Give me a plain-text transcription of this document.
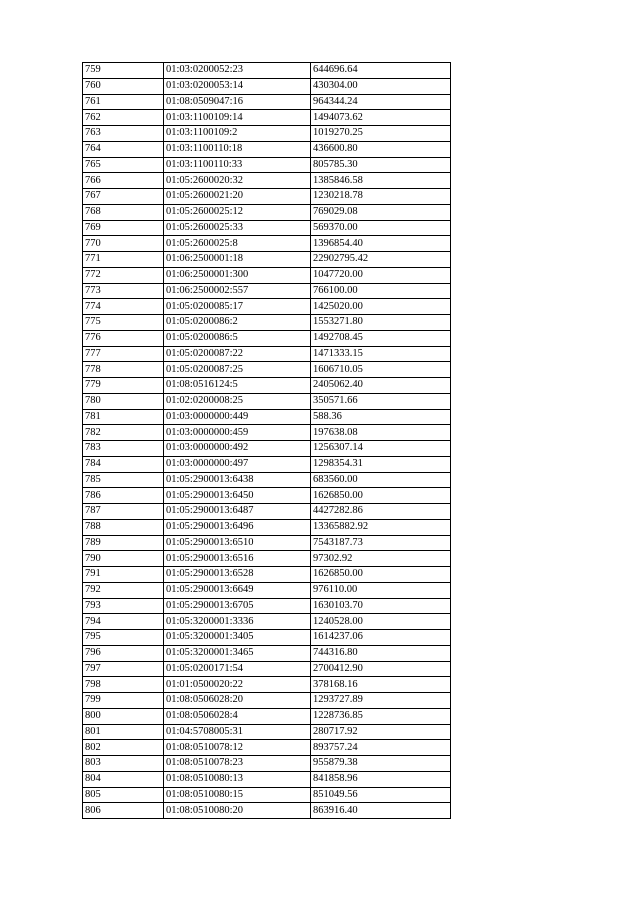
759	01:03:0200052:23	644696.64
760	01:03:0200053:14	430304.00
761	01:08:0509047:16	964344.24
762	01:03:1100109:14	1494073.62
763	01:03:1100109:2	1019270.25
764	01:03:1100110:18	436600.80
765	01:03:1100110:33	805785.30
766	01:05:2600020:32	1385846.58
767	01:05:2600021:20	1230218.78
768	01:05:2600025:12	769029.08
769	01:05:2600025:33	569370.00
770	01:05:2600025:8	1396854.40
771	01:06:2500001:18	22902795.42
772	01:06:2500001:300	1047720.00
773	01:06:2500002:557	766100.00
774	01:05:0200085:17	1425020.00
775	01:05:0200086:2	1553271.80
776	01:05:0200086:5	1492708.45
777	01:05:0200087:22	1471333.15
778	01:05:0200087:25	1606710.05
779	01:08:0516124:5	2405062.40
780	01:02:0200008:25	350571.66
781	01:03:0000000:449	588.36
782	01:03:0000000:459	197638.08
783	01:03:0000000:492	1256307.14
784	01:03:0000000:497	1298354.31
785	01:05:2900013:6438	683560.00
786	01:05:2900013:6450	1626850.00
787	01:05:2900013:6487	4427282.86
788	01:05:2900013:6496	13365882.92
789	01:05:2900013:6510	7543187.73
790	01:05:2900013:6516	97302.92
791	01:05:2900013:6528	1626850.00
792	01:05:2900013:6649	976110.00
793	01:05:2900013:6705	1630103.70
794	01:05:3200001:3336	1240528.00
795	01:05:3200001:3405	1614237.06
796	01:05:3200001:3465	744316.80
797	01:05:0200171:54	2700412.90
798	01:01:0500020:22	378168.16
799	01:08:0506028:20	1293727.89
800	01:08:0506028:4	1228736.85
801	01:04:5708005:31	280717.92
802	01:08:0510078:12	893757.24
803	01:08:0510078:23	955879.38
804	01:08:0510080:13	841858.96
805	01:08:0510080:15	851049.56
806	01:08:0510080:20	863916.40
